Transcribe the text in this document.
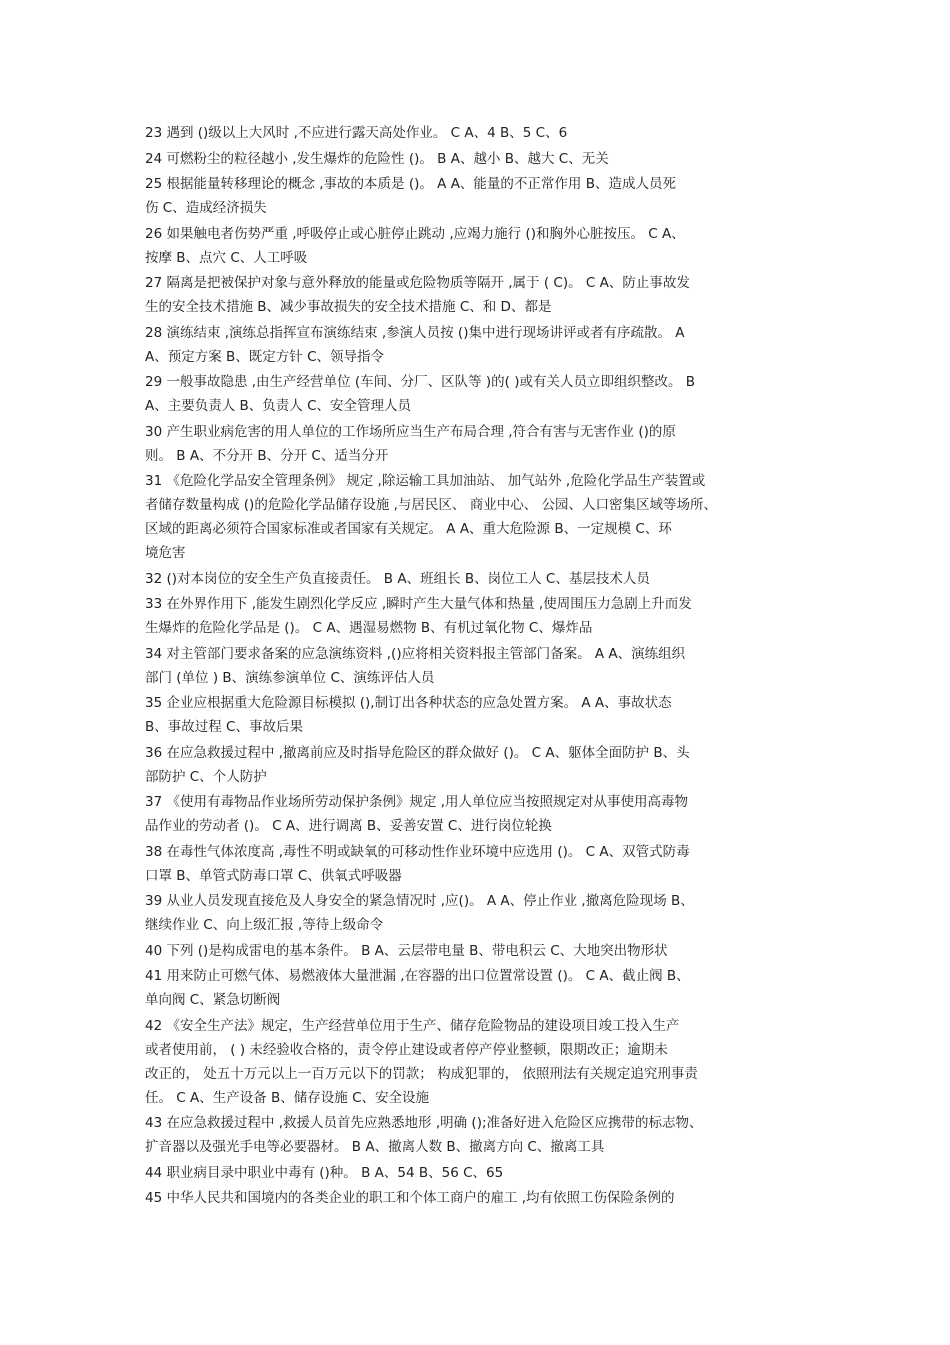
23 遇到 ()级以上大风时 ,不应进行露天高处作业。 C A、4 B、5 C、6

24 可燃粉尘的粒径越小 ,发生爆炸的危险性 ()。 B A、越小 B、越大 C、无关

25 根据能量转移理论的概念 ,事故的本质是 ()。 A A、能量的不正常作用 B、造成人员死
伤 C、造成经济损失

26 如果触电者伤势严重 ,呼吸停止或心脏停止跳动 ,应竭力施行 ()和胸外心脏按压。 C A、
按摩 B、点穴 C、人工呼吸

27 隔离是把被保护对象与意外释放的能量或危险物质等隔开 ,属于 ( C)。 C A、防止事故发
生的安全技术措施 B、减少事故损失的安全技术措施 C、和 D、都是

28 演练结束 ,演练总指挥宣布演练结束 ,参演人员按 ()集中进行现场讲评或者有序疏散。 A
A、预定方案 B、既定方针 C、领导指令

29 一般事故隐患 ,由生产经营单位 (车间、分厂、区队等 )的( )或有关人员立即组织整改。 B
A、主要负责人 B、负责人 C、安全管理人员

30 产生职业病危害的用人单位的工作场所应当生产布局合理 ,符合有害与无害作业 ()的原
则。 B A、不分开 B、分开 C、适当分开

31 《危险化学品安全管理条例》 规定 ,除运输工具加油站、 加气站外 ,危险化学品生产装置或
者储存数量构成 ()的危险化学品储存设施 ,与居民区、 商业中心、 公园、人口密集区域等场所、
区域的距离必须符合国家标准或者国家有关规定。 A A、重大危险源 B、一定规模 C、环
境危害

32 ()对本岗位的安全生产负直接责任。 B A、班组长 B、岗位工人 C、基层技术人员

33 在外界作用下 ,能发生剧烈化学反应 ,瞬时产生大量气体和热量 ,使周围压力急剧上升而发
生爆炸的危险化学品是 ()。 C A、遇湿易燃物 B、有机过氧化物 C、爆炸品

34 对主管部门要求备案的应急演练资料 ,()应将相关资料报主管部门备案。 A A、演练组织
部门 (单位 ) B、演练参演单位 C、演练评估人员

35 企业应根据重大危险源目标模拟 (),制订出各种状态的应急处置方案。 A A、事故状态
B、事故过程 C、事故后果

36 在应急救援过程中 ,撤离前应及时指导危险区的群众做好 ()。 C A、躯体全面防护 B、头
部防护 C、个人防护

37 《使用有毒物品作业场所劳动保护条例》规定 ,用人单位应当按照规定对从事使用高毒物
品作业的劳动者 ()。 C A、进行调离 B、妥善安置 C、进行岗位轮换

38 在毒性气体浓度高 ,毒性不明或缺氧的可移动性作业环境中应选用 ()。 C A、双管式防毒
口罩 B、单管式防毒口罩 C、供氧式呼吸器

39 从业人员发现直接危及人身安全的紧急情况时 ,应()。 A A、停止作业 ,撤离危险现场 B、
继续作业 C、向上级汇报 ,等待上级命令

40 下列 ()是构成雷电的基本条件。 B A、云层带电量 B、带电积云 C、大地突出物形状

41 用来防止可燃气体、易燃液体大量泄漏 ,在容器的出口位置常设置 ()。 C A、截止阀 B、
单向阀 C、紧急切断阀

42 《安全生产法》规定，生产经营单位用于生产、储存危险物品的建设项目竣工投入生产
或者使用前， ( ) 未经验收合格的，责令停止建设或者停产停业整顿，限期改正；逾期未
改正的， 处五十万元以上一百万元以下的罚款； 构成犯罪的， 依照刑法有关规定追究刑事责
任。 C A、生产设备 B、储存设施 C、安全设施

43 在应急救援过程中 ,救援人员首先应熟悉地形 ,明确 ();准备好进入危险区应携带的标志物、
扩音器以及强光手电等必要器材。 B A、撤离人数 B、撤离方向 C、撤离工具

44 职业病目录中职业中毒有 ()种。 B A、54 B、56 C、65

45 中华人民共和国境内的各类企业的职工和个体工商户的雇工 ,均有依照工伤保险条例的
